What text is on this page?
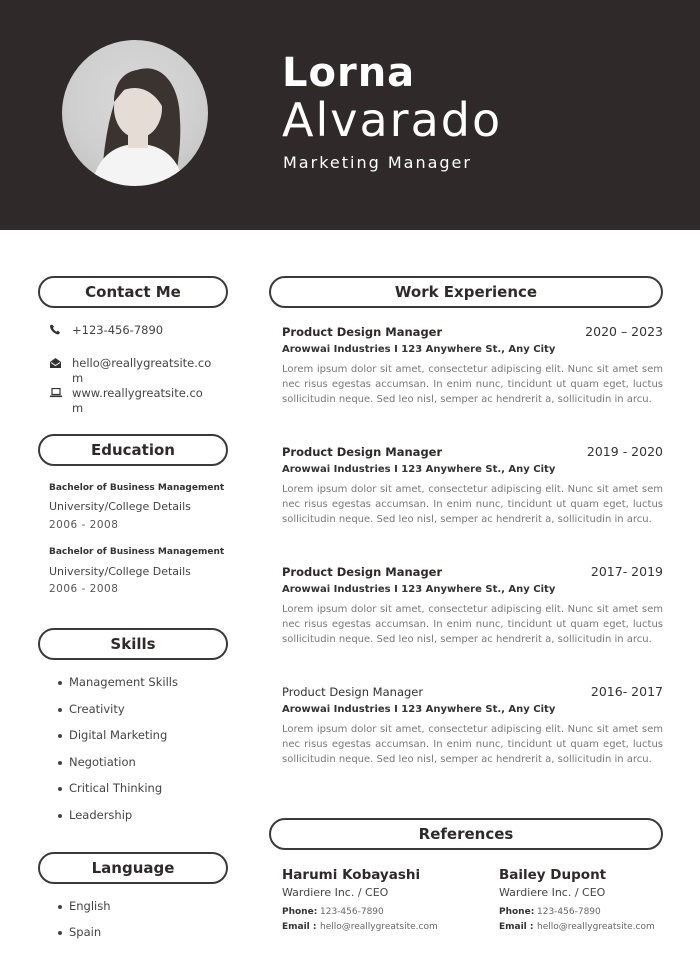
Lorna
Alvarado
Marketing Manager
Contact Me
+123-456-7890
hello@reallygreatsite.com
www.reallygreatsite.com
Education
Bachelor of Business Management
University/College Details
2006 - 2008
Bachelor of Business Management
University/College Details
2006 - 2008
Skills
Management Skills
Creativity
Digital Marketing
Negotiation
Critical Thinking
Leadership
Language
English
Spain
Work Experience
Product Design Manager	2020 – 2023
Arowwai Industries I 123 Anywhere St., Any City
Lorem ipsum dolor sit amet, consectetur adipiscing elit. Nunc sit amet sem nec risus egestas accumsan. In enim nunc, tincidunt ut quam eget, luctus sollicitudin neque. Sed leo nisl, semper ac hendrerit a, sollicitudin in arcu.
Product Design Manager	2019 - 2020
Arowwai Industries I 123 Anywhere St., Any City
Lorem ipsum dolor sit amet, consectetur adipiscing elit. Nunc sit amet sem nec risus egestas accumsan. In enim nunc, tincidunt ut quam eget, luctus sollicitudin neque. Sed leo nisl, semper ac hendrerit a, sollicitudin in arcu.
Product Design Manager	2017- 2019
Arowwai Industries I 123 Anywhere St., Any City
Lorem ipsum dolor sit amet, consectetur adipiscing elit. Nunc sit amet sem nec risus egestas accumsan. In enim nunc, tincidunt ut quam eget, luctus sollicitudin neque. Sed leo nisl, semper ac hendrerit a, sollicitudin in arcu.
Product Design Manager	2016- 2017
Arowwai Industries I 123 Anywhere St., Any City
Lorem ipsum dolor sit amet, consectetur adipiscing elit. Nunc sit amet sem nec risus egestas accumsan. In enim nunc, tincidunt ut quam eget, luctus sollicitudin neque. Sed leo nisl, semper ac hendrerit a, sollicitudin in arcu.
References
Harumi Kobayashi
Wardiere Inc. / CEO
Phone: 123-456-7890
Email : hello@reallygreatsite.com
Bailey Dupont
Wardiere Inc. / CEO
Phone: 123-456-7890
Email : hello@reallygreatsite.com
